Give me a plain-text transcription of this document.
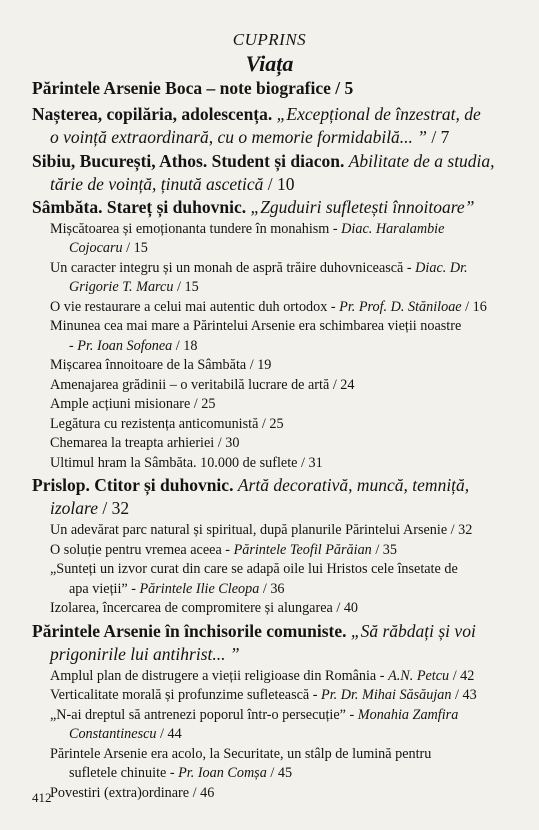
CUPRINS
Viața
Părintele Arsenie Boca – note biografice / 5
Nașterea, copilăria, adolescența. „Excepțional de înzestrat, de
o voință extraordinară, cu o memorie formidabilă... ” / 7
Sibiu, București, Athos. Student și diacon. Abilitate de a studia,
tărie de voință, ținută ascetică / 10
Sâmbăta. Stareț și duhovnic. „Zguduiri sufletești înnoitoare”
Mișcătoarea și emoționanta tundere în monahism - Diac. Haralambie
Cojocaru / 15
Un caracter integru și un monah de aspră trăire duhovnicească - Diac. Dr.
Grigorie T. Marcu / 15
O vie restaurare a celui mai autentic duh ortodox - Pr. Prof. D. Stăniloae / 16
Minunea cea mai mare a Părintelui Arsenie era schimbarea vieții noastre
- Pr. Ioan Sofonea / 18
Mișcarea înnoitoare de la Sâmbăta / 19
Amenajarea grădinii – o veritabilă lucrare de artă / 24
Ample acțiuni misionare / 25
Legătura cu rezistența anticomunistă / 25
Chemarea la treapta arhieriei / 30
Ultimul hram la Sâmbăta. 10.000 de suflete / 31
Prislop. Ctitor și duhovnic. Artă decorativă, muncă, temniță,
izolare / 32
Un adevărat parc natural și spiritual, după planurile Părintelui Arsenie / 32
O soluție pentru vremea aceea - Părintele Teofil Părăian / 35
„Sunteți un izvor curat din care se adapă oile lui Hristos cele însetate de
apa vieții” - Părintele Ilie Cleopa / 36
Izolarea, încercarea de compromitere și alungarea / 40
Părintele Arsenie în închisorile comuniste. „Să răbdați și voi
prigonirile lui antihrist... ”
Amplul plan de distrugere a vieții religioase din România - A.N. Petcu / 42
Verticalitate morală și profunzime sufletească - Pr. Dr. Mihai Săsăujan / 43
„N-ai dreptul să antrenezi poporul într-o persecuție” - Monahia Zamfira
Constantinescu / 44
Părintele Arsenie era acolo, la Securitate, un stâlp de lumină pentru
sufletele chinuite - Pr. Ioan Comșa / 45
Povestiri (extra)ordinare / 46
412
